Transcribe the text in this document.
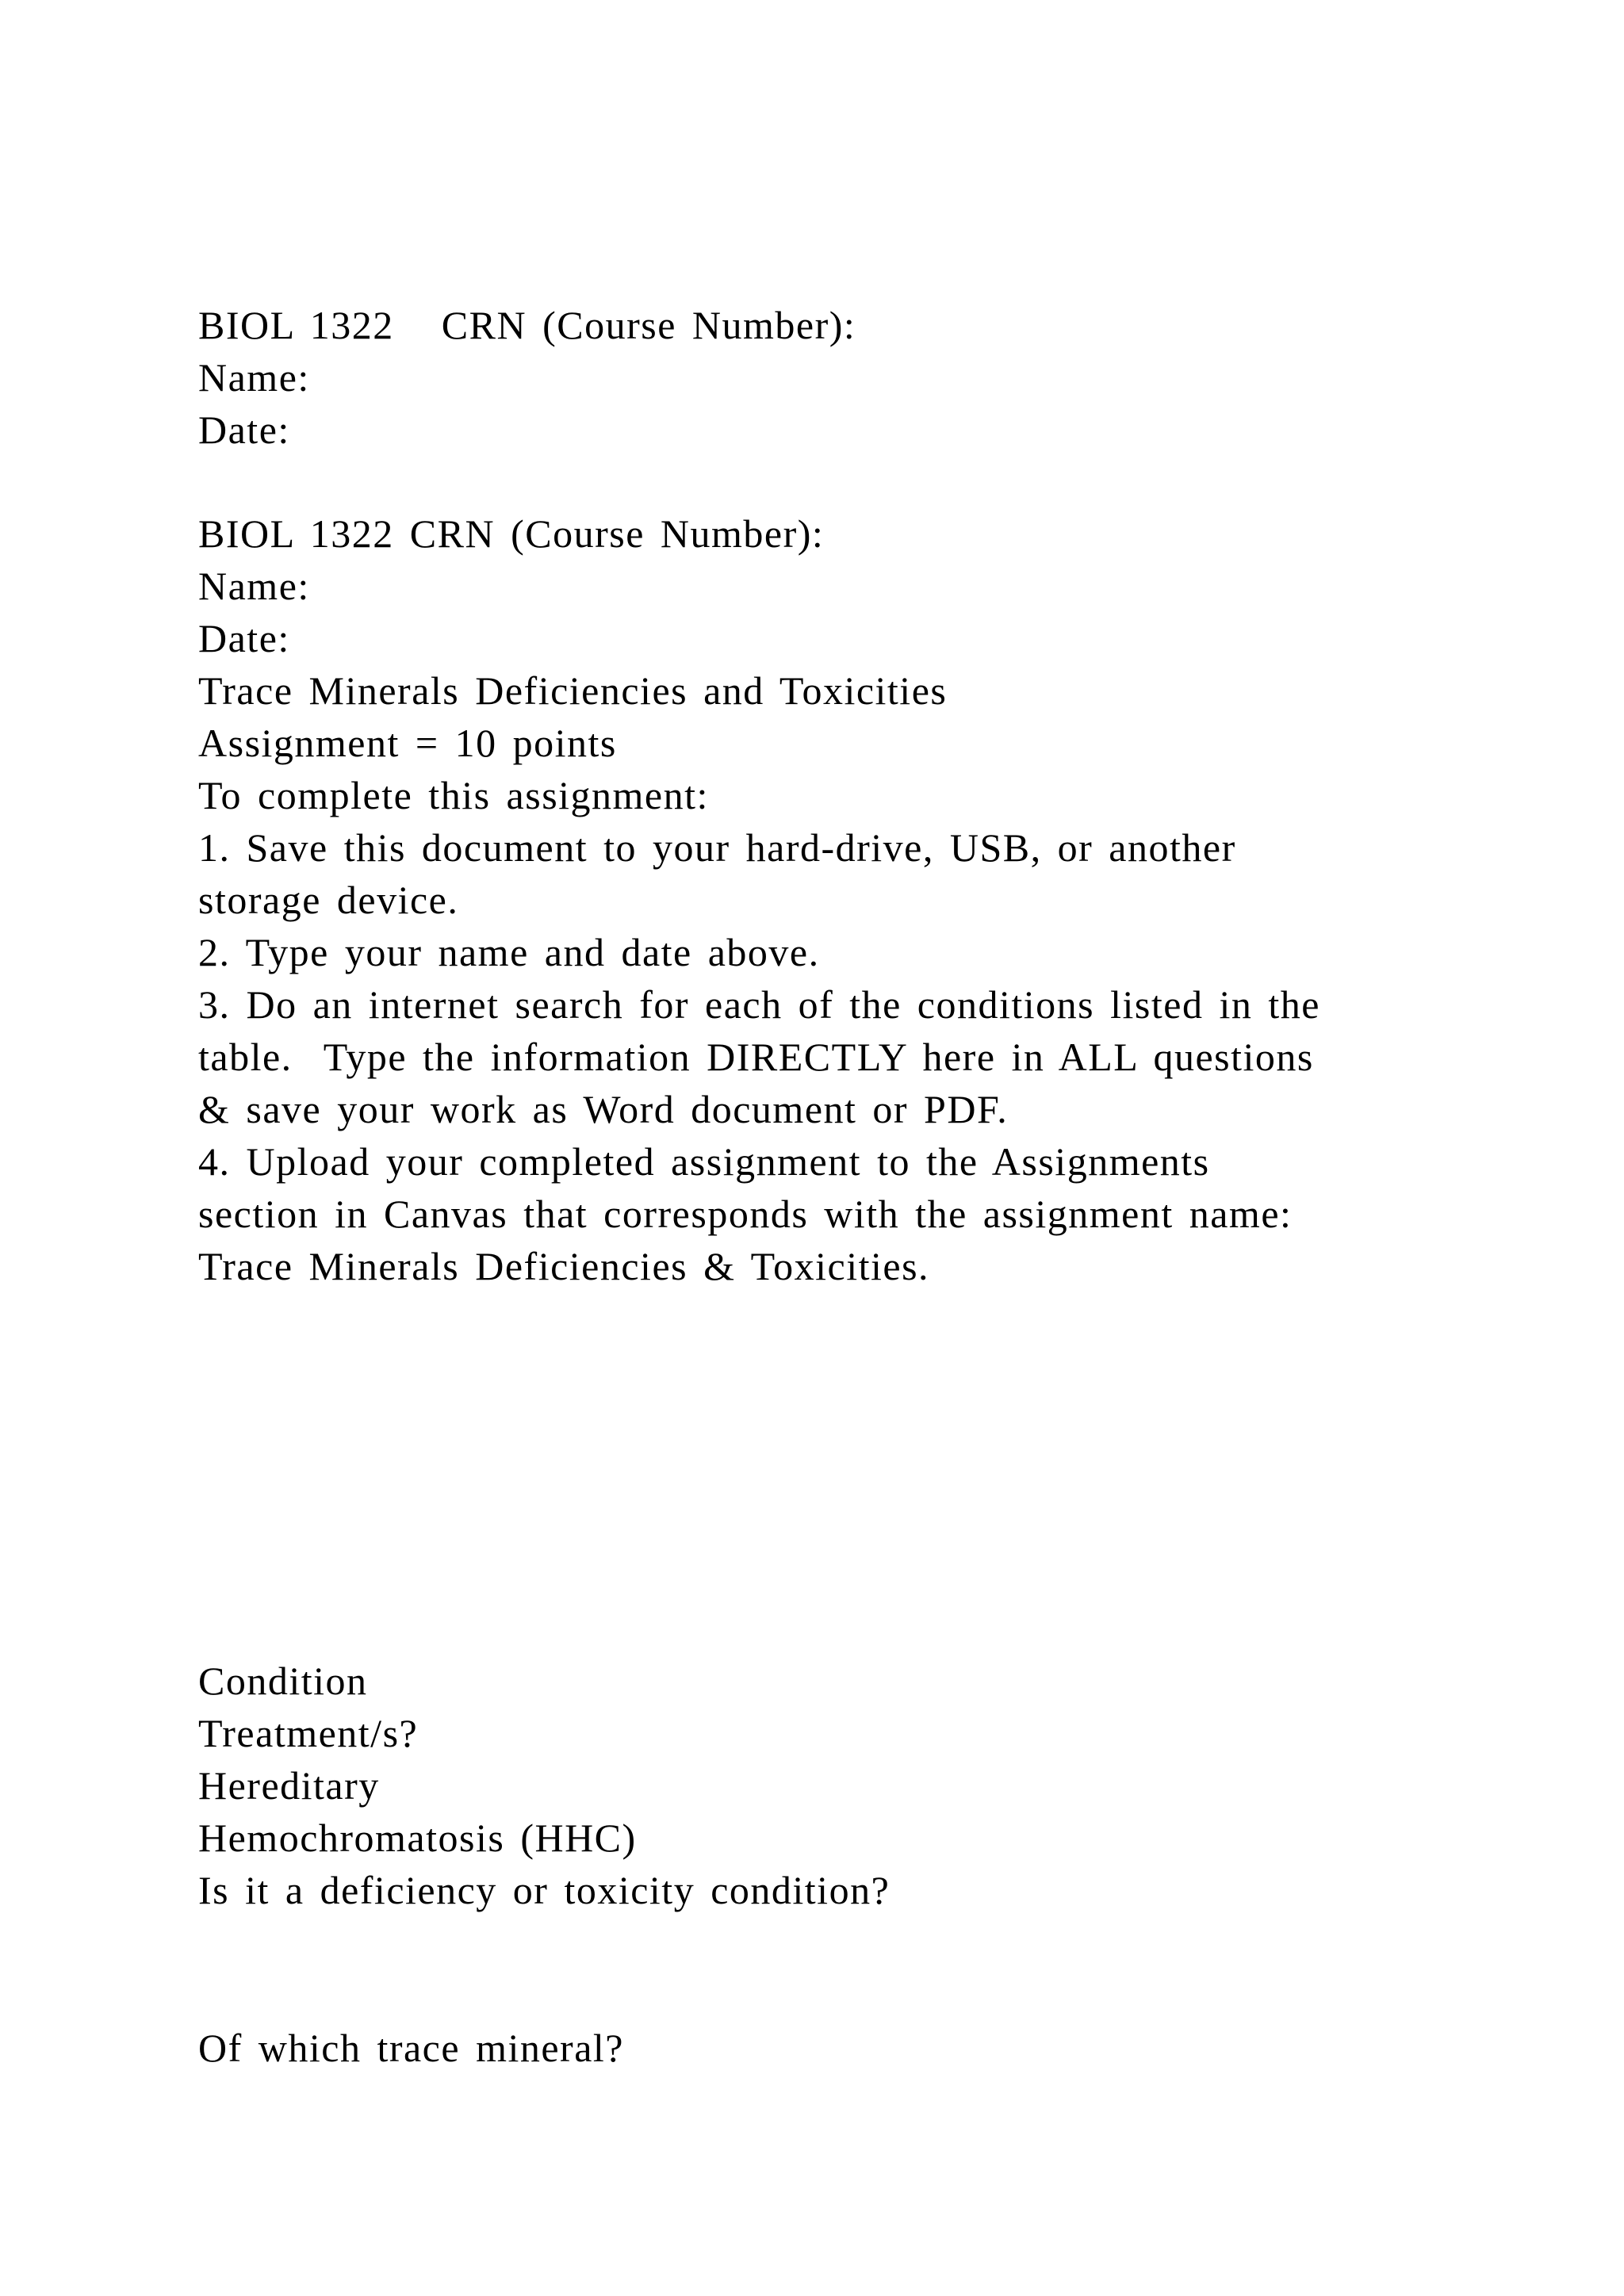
BIOL 1322   CRN (Course Number):
Name:
Date:
BIOL 1322 CRN (Course Number):
Name:
Date:
Trace Minerals Deficiencies and Toxicities
Assignment = 10 points
To complete this assignment:
1. Save this document to your hard-drive, USB, or another
storage device.
2. Type your name and date above.
3. Do an internet search for each of the conditions listed in the
table.  Type the information DIRECTLY here in ALL questions
& save your work as Word document or PDF.
4. Upload your completed assignment to the Assignments
section in Canvas that corresponds with the assignment name:
Trace Minerals Deficiencies & Toxicities.
Condition
Treatment/s?
Hereditary
Hemochromatosis (HHC)
Is it a deficiency or toxicity condition?
Of which trace mineral?
